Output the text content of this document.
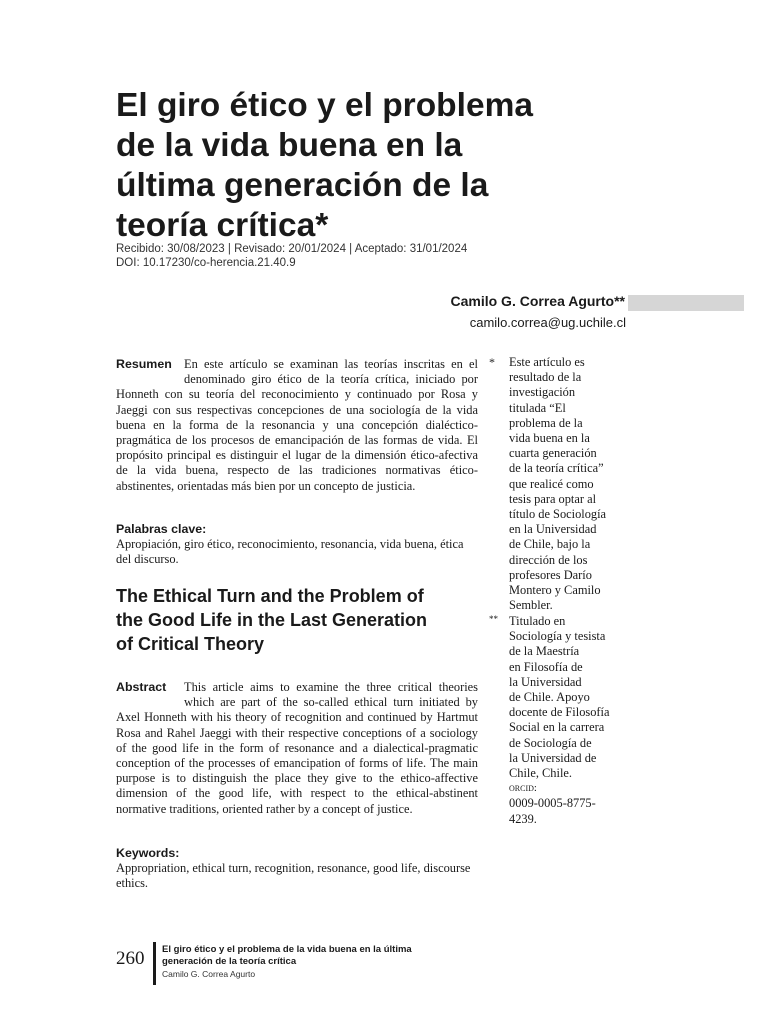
El giro ético y el problema
de la vida buena en la
última generación de la
teoría crítica*
Recibido: 30/08/2023 | Revisado: 20/01/2024 | Aceptado: 31/01/2024
DOI: 10.17230/co-herencia.21.40.9
Camilo G. Correa Agurto**
camilo.correa@ug.uchile.cl
Resumen En este artículo se examinan las teorías inscritas en el denominado giro ético de la teoría crítica, iniciado por Honneth con su teoría del reconocimiento y continuado por Rosa y Jaeggi con sus respectivas concepciones de una sociología de la vida buena en la forma de la resonancia y una concepción dialéctico-pragmática de los procesos de emancipación de las formas de vida. El propósito principal es distinguir el lugar de la dimensión ético-afectiva de la vida buena, respecto de las tradiciones normativas ético-abstinentes, orientadas más bien por un concepto de justicia.
Palabras clave:
Apropiación, giro ético, reconocimiento, resonancia, vida buena, ética del discurso.
The Ethical Turn and the Problem of
the Good Life in the Last Generation
of Critical Theory
Abstract	This article aims to examine the three critical theories which are part of the so-called ethical turn initiated by Axel Honneth with his theory of recognition and continued by Hartmut Rosa and Rahel Jaeggi with their respective conceptions of a sociology of the good life in the form of resonance and a dialectical-pragmatic conception of the processes of emancipation of forms of life. The main purpose is to distinguish the place they give to the ethico-affective dimension of the good life, with respect to the ethical-abstinent normative traditions, oriented rather by a concept of justice.
Keywords:
Appropriation, ethical turn, recognition, resonance, good life, discourse ethics.
* Este artículo es
resultado de la
investigación
titulada “El
problema de la
vida buena en la
cuarta generación
de la teoría crítica”
que realicé como
tesis para optar al
título de Sociología
en la Universidad
de Chile, bajo la
dirección de los
profesores Darío
Montero y Camilo
Sembler.
** Titulado en
Sociología y tesista
de la Maestría
en Filosofía de
la Universidad
de Chile. Apoyo
docente de Filosofía
Social en la carrera
de Sociología de
la Universidad de
Chile, Chile.
orcid:
0009-0005-8775-
4239.
260 El giro ético y el problema de la vida buena en la última
generación de la teoría crítica
Camilo G. Correa Agurto
